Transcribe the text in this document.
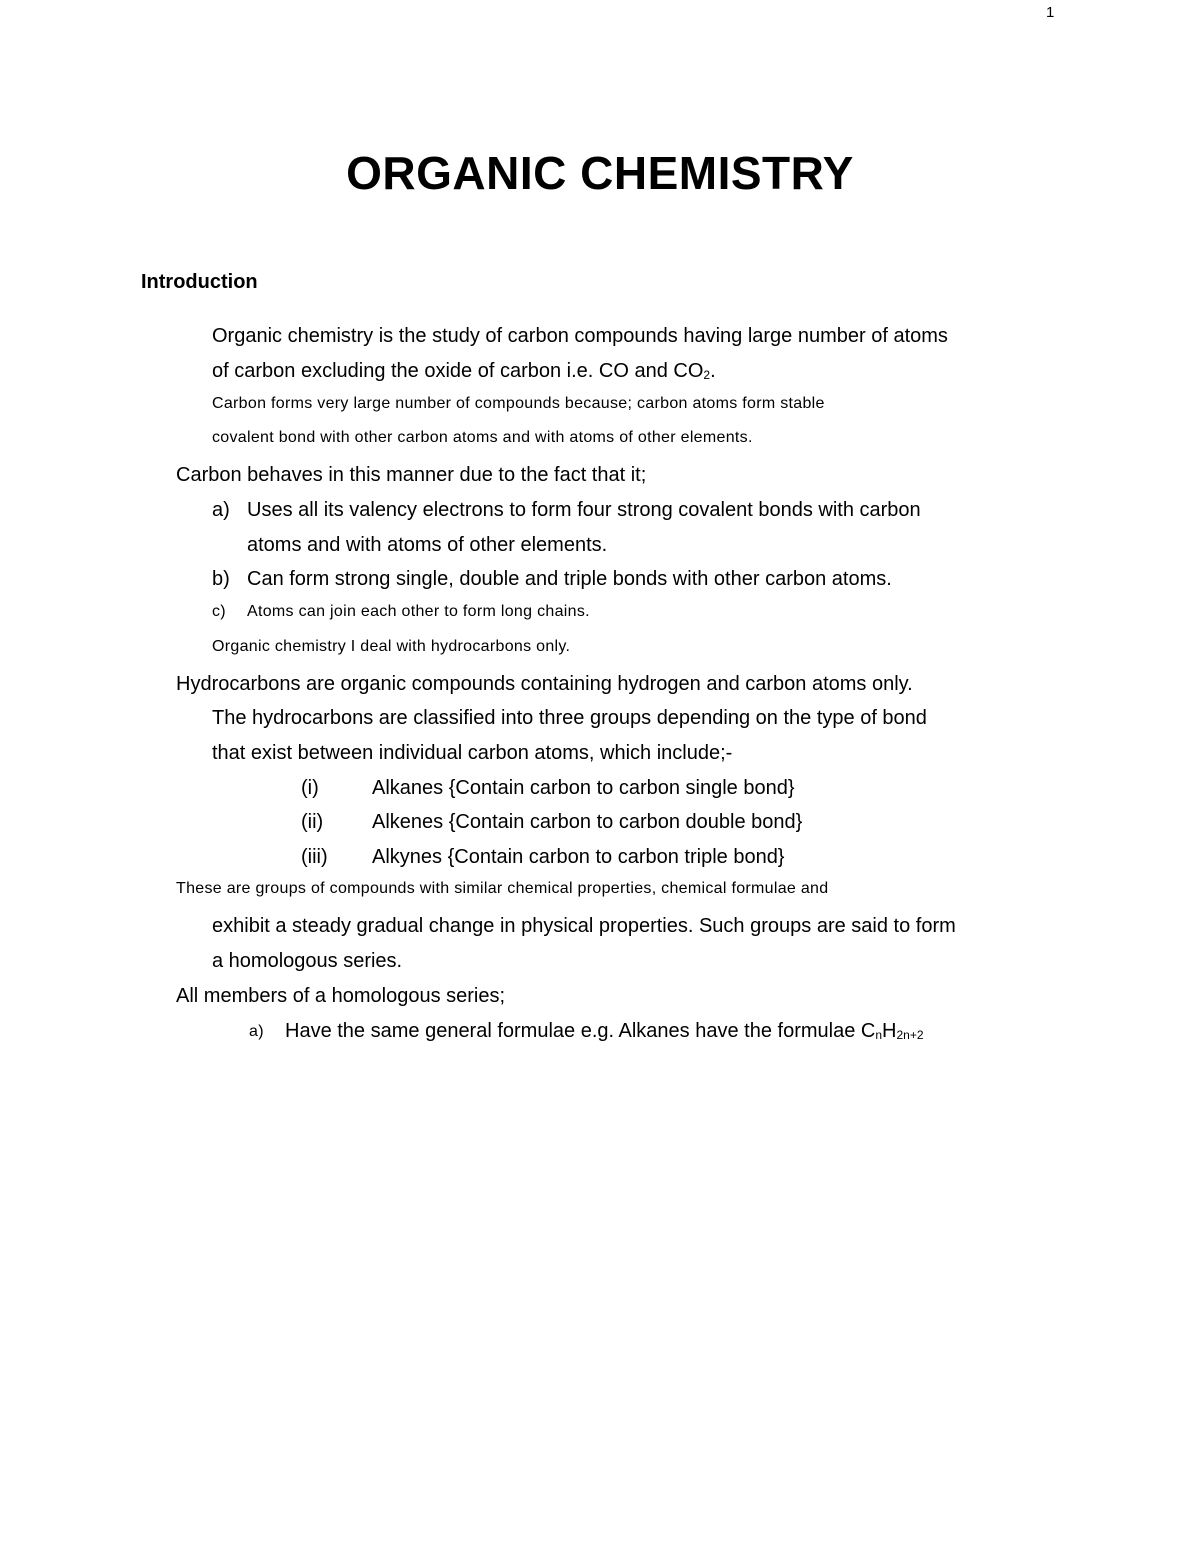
1
ORGANIC CHEMISTRY
Introduction
Organic chemistry is the study of carbon compounds having large number of atoms
of carbon excluding the oxide of carbon i.e. CO and $CO_2$.
Carbon forms very large number of compounds because; carbon atoms form stable
covalent bond with other carbon atoms and with atoms of other elements.
Carbon behaves in this manner due to the fact that it;
a) Uses all its valency electrons to form four strong covalent bonds with carbon
atoms and with atoms of other elements.
b) Can form strong single, double and triple bonds with other carbon atoms.
c) Atoms can join each other to form long chains.
Organic chemistry I deal with hydrocarbons only.
Hydrocarbons are organic compounds containing hydrogen and carbon atoms only.
The hydrocarbons are classified into three groups depending on the type of bond
that exist between individual carbon atoms, which include;-
(i)	Alkanes {Contain carbon to carbon single bond}
(ii) Alkenes {Contain carbon to carbon double bond}
(iii) Alkynes {Contain carbon to carbon triple bond}
These are groups of compounds with similar chemical properties, chemical formulae and
exhibit a steady gradual change in physical properties. Such groups are said to form
a homologous series.
All members of a homologous series;
a) Have the same general formulae e.g. Alkanes have the formulae $C_nH_{2n+2}$
